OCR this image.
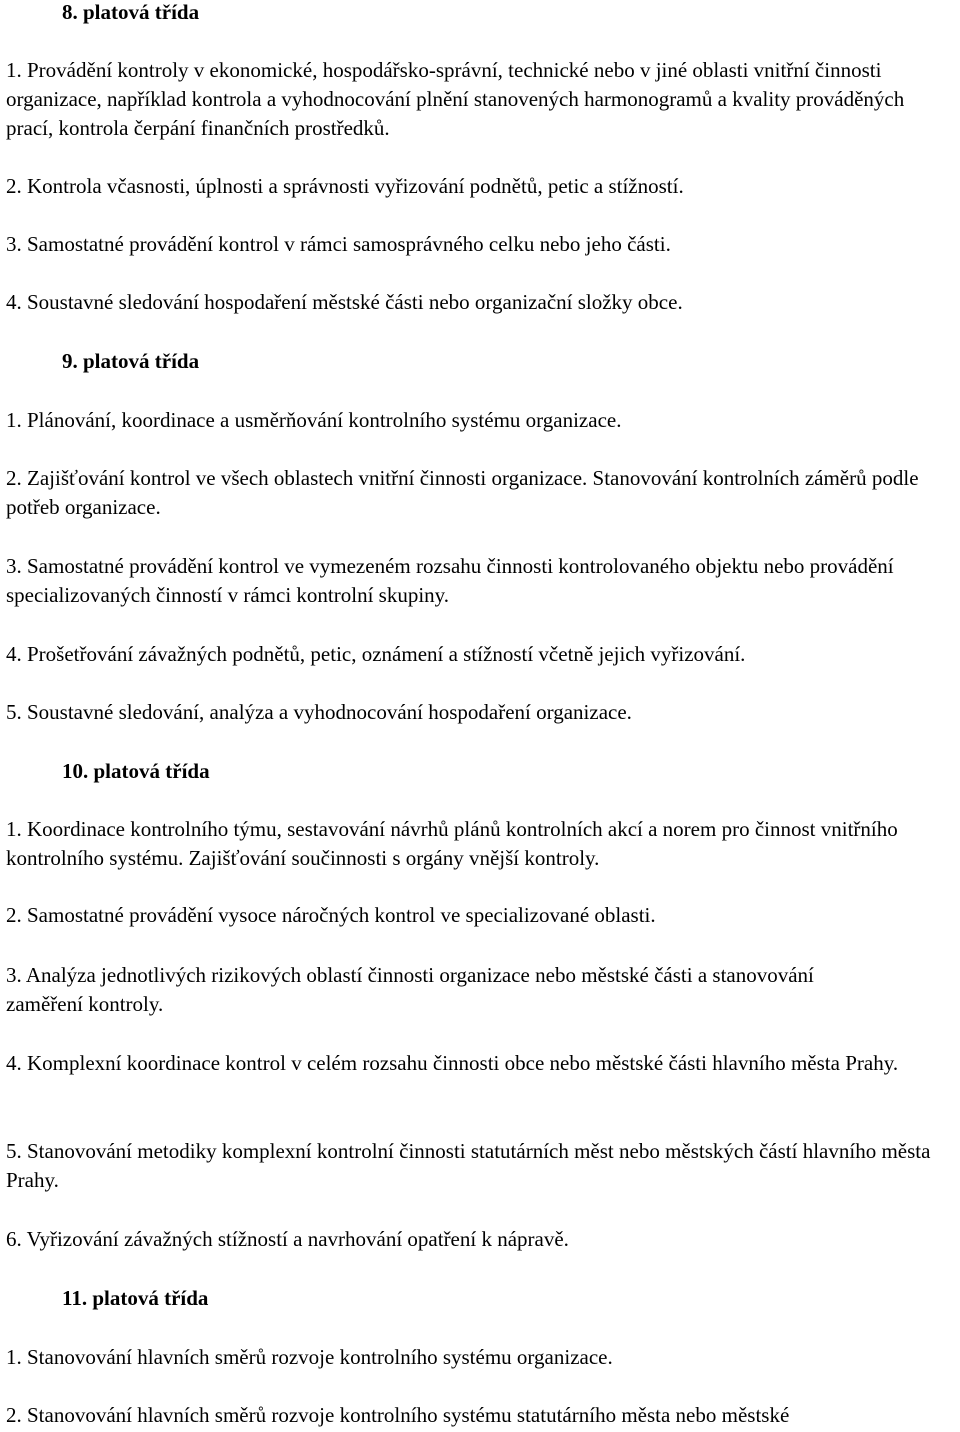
8. platová třída

1. Provádění kontroly v ekonomické, hospodářsko-správní, technické nebo v jiné oblasti vnitřní činnosti organizace, například kontrola a vyhodnocování plnění stanovených harmonogramů a kvality prováděných prací, kontrola čerpání finančních prostředků.

2. Kontrola včasnosti, úplnosti a správnosti vyřizování podnětů, petic a stížností.

3. Samostatné provádění kontrol v rámci samosprávného celku nebo jeho části.

4. Soustavné sledování hospodaření městské části nebo organizační složky obce.

9. platová třída

1. Plánování, koordinace a usměrňování kontrolního systému organizace.

2. Zajišťování kontrol ve všech oblastech vnitřní činnosti organizace. Stanovování kontrolních záměrů podle potřeb organizace.

3. Samostatné provádění kontrol ve vymezeném rozsahu činnosti kontrolovaného objektu nebo provádění specializovaných činností v rámci kontrolní skupiny.

4. Prošetřování závažných podnětů, petic, oznámení a stížností včetně jejich vyřizování.

5. Soustavné sledování, analýza a vyhodnocování hospodaření organizace.

10. platová třída

1. Koordinace kontrolního týmu, sestavování návrhů plánů kontrolních akcí a norem pro činnost vnitřního kontrolního systému. Zajišťování součinnosti s orgány vnější kontroly.

2. Samostatné provádění vysoce náročných kontrol ve specializované oblasti.

3. Analýza jednotlivých rizikových oblastí činnosti organizace nebo městské části a stanovování zaměření kontroly.

4. Komplexní koordinace kontrol v celém rozsahu činnosti obce nebo městské části hlavního města Prahy.

5. Stanovování metodiky komplexní kontrolní činnosti statutárních měst nebo městských částí hlavního města Prahy.

6. Vyřizování závažných stížností a navrhování opatření k nápravě.

11. platová třída

1. Stanovování hlavních směrů rozvoje kontrolního systému organizace.

2. Stanovování hlavních směrů rozvoje kontrolního systému statutárního města nebo městské
